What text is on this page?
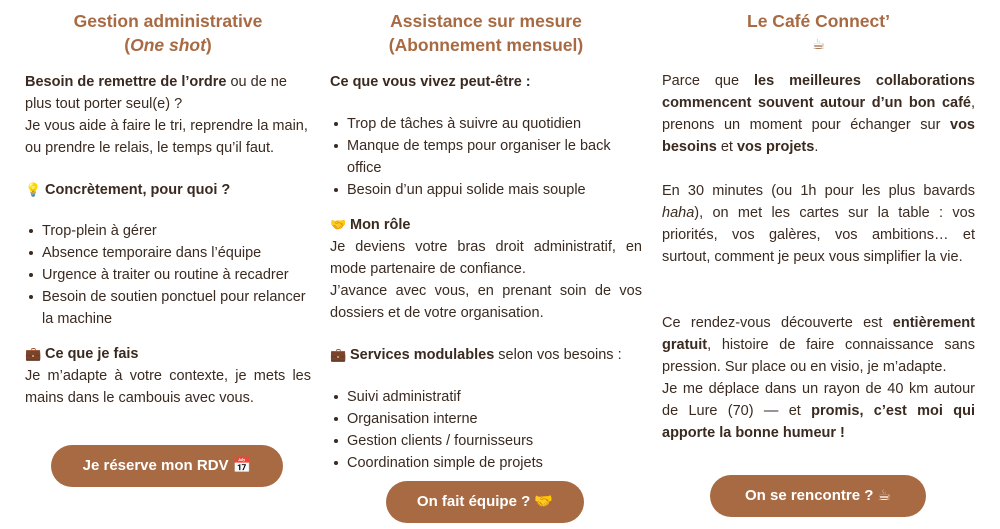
Gestion administrative
(One shot)

Besoin de remettre de l’ordre ou de ne plus tout porter seul(e) ?

Je vous aide à faire le tri, reprendre la main, ou prendre le relais, le temps qu’il faut.

💡 Concrètement, pour quoi ?
Trop-plein à gérer
Absence temporaire dans l’équipe
Urgence à traiter ou routine à recadrer
Besoin de soutien ponctuel pour relancer la machine
💼 Ce que je fais

Je m’adapte à votre contexte, je mets les mains dans le cambouis avec vous.

Je réserve mon RDV 📅
Assistance sur mesure
(Abonnement mensuel)

Ce que vous vivez peut-être :

Trop de tâches à suivre au quotidien
Manque de temps pour organiser le back office
Besoin d’un appui solide mais souple
🤝 Mon rôle

Je deviens votre bras droit administratif, en mode partenaire de confiance.

J’avance avec vous, en prenant soin de vos dossiers et de votre organisation.

💼 Services modulables selon vos besoins :
Suivi administratif
Organisation interne
Gestion clients / fournisseurs
Coordination simple de projets
On fait équipe ? 🤝
Le Café Connect’
☕

Parce que les meilleures collaborations commencent souvent autour d’un bon café, prenons un moment pour échanger sur vos besoins et vos projets.

En 30 minutes (ou 1h pour les plus bavards haha), on met les cartes sur la table : vos priorités, vos galères, vos ambitions… et surtout, comment je peux vous simplifier la vie.

Ce rendez-vous découverte est entièrement gratuit, histoire de faire connaissance sans pression. Sur place ou en visio, je m’adapte.

Je me déplace dans un rayon de 40 km autour de Lure (70) — et promis, c’est moi qui apporte la bonne humeur !

On se rencontre ? ☕
